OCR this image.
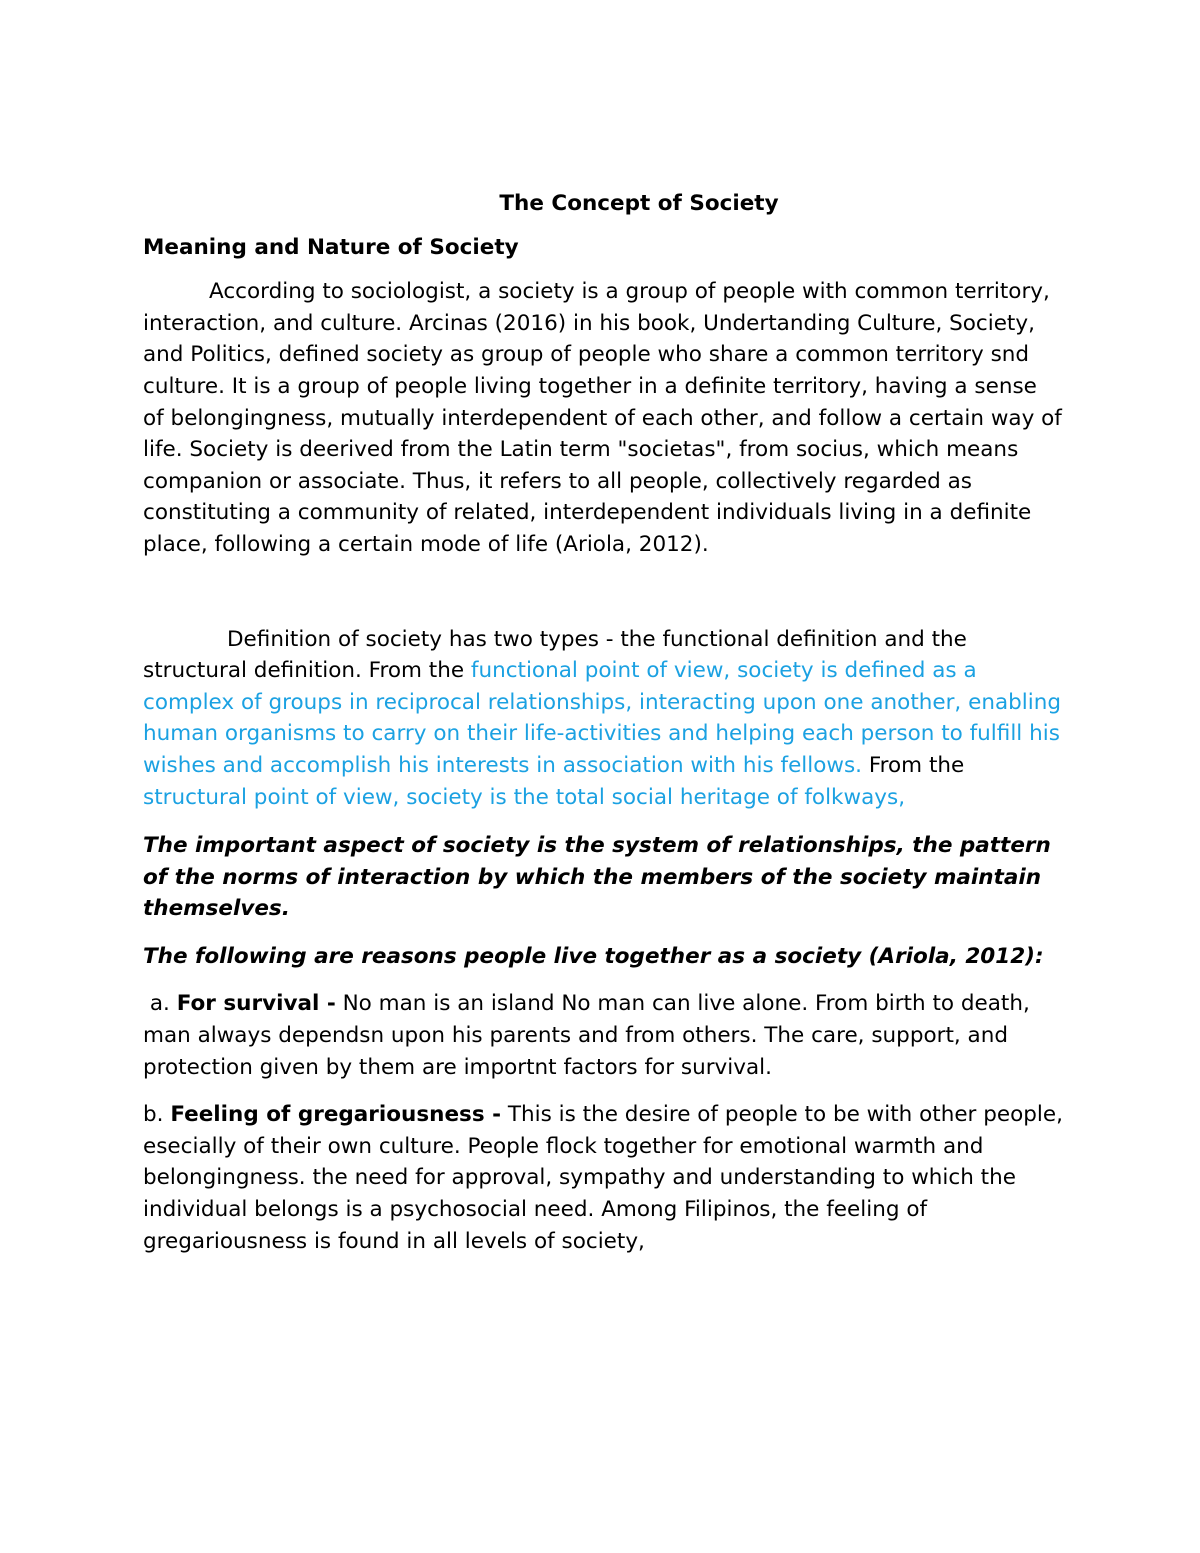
The Concept of Society
Meaning and Nature of Society

According to sociologist, a society is a group of people with common territory, interaction, and culture. Arcinas (2016) in his book, Undertanding Culture, Society, and Politics, defined society as group of people who share a common territory snd culture. It is a group of people living together in a definite territory, having a sense of belongingness, mutually interdependent of each other, and follow a certain way of life. Society is deerived from the Latin term "societas", from socius, which means companion or associate. Thus, it refers to all people, collectively regarded as constituting a community of related, interdependent individuals living in a definite place, following a certain mode of life (Ariola, 2012).

Definition of society has two types - the functional definition and the structural definition. From the functional point of view, society is defined as a complex of groups in reciprocal relationships, interacting upon one another, enabling human organisms to carry on their life-activities and helping each person to fulfill his wishes and accomplish his interests in association with his fellows. From the structural point of view, society is the total social heritage of folkways,

The important aspect of society is the system of relationships, the pattern of the norms of interaction by which the members of the society maintain themselves.

The following are reasons people live together as a society (Ariola, 2012):

a. For survival - No man is an island No man can live alone. From birth to death, man always dependsn upon his parents and from others. The care, support, and protection given by them are importnt factors for survival.

b. Feeling of gregariousness - This is the desire of people to be with other people, esecially of their own culture. People flock together for emotional warmth and belongingness. the need for approval, sympathy and understanding to which the individual belongs is a psychosocial need. Among Filipinos, the feeling of gregariousness is found in all levels of society,
